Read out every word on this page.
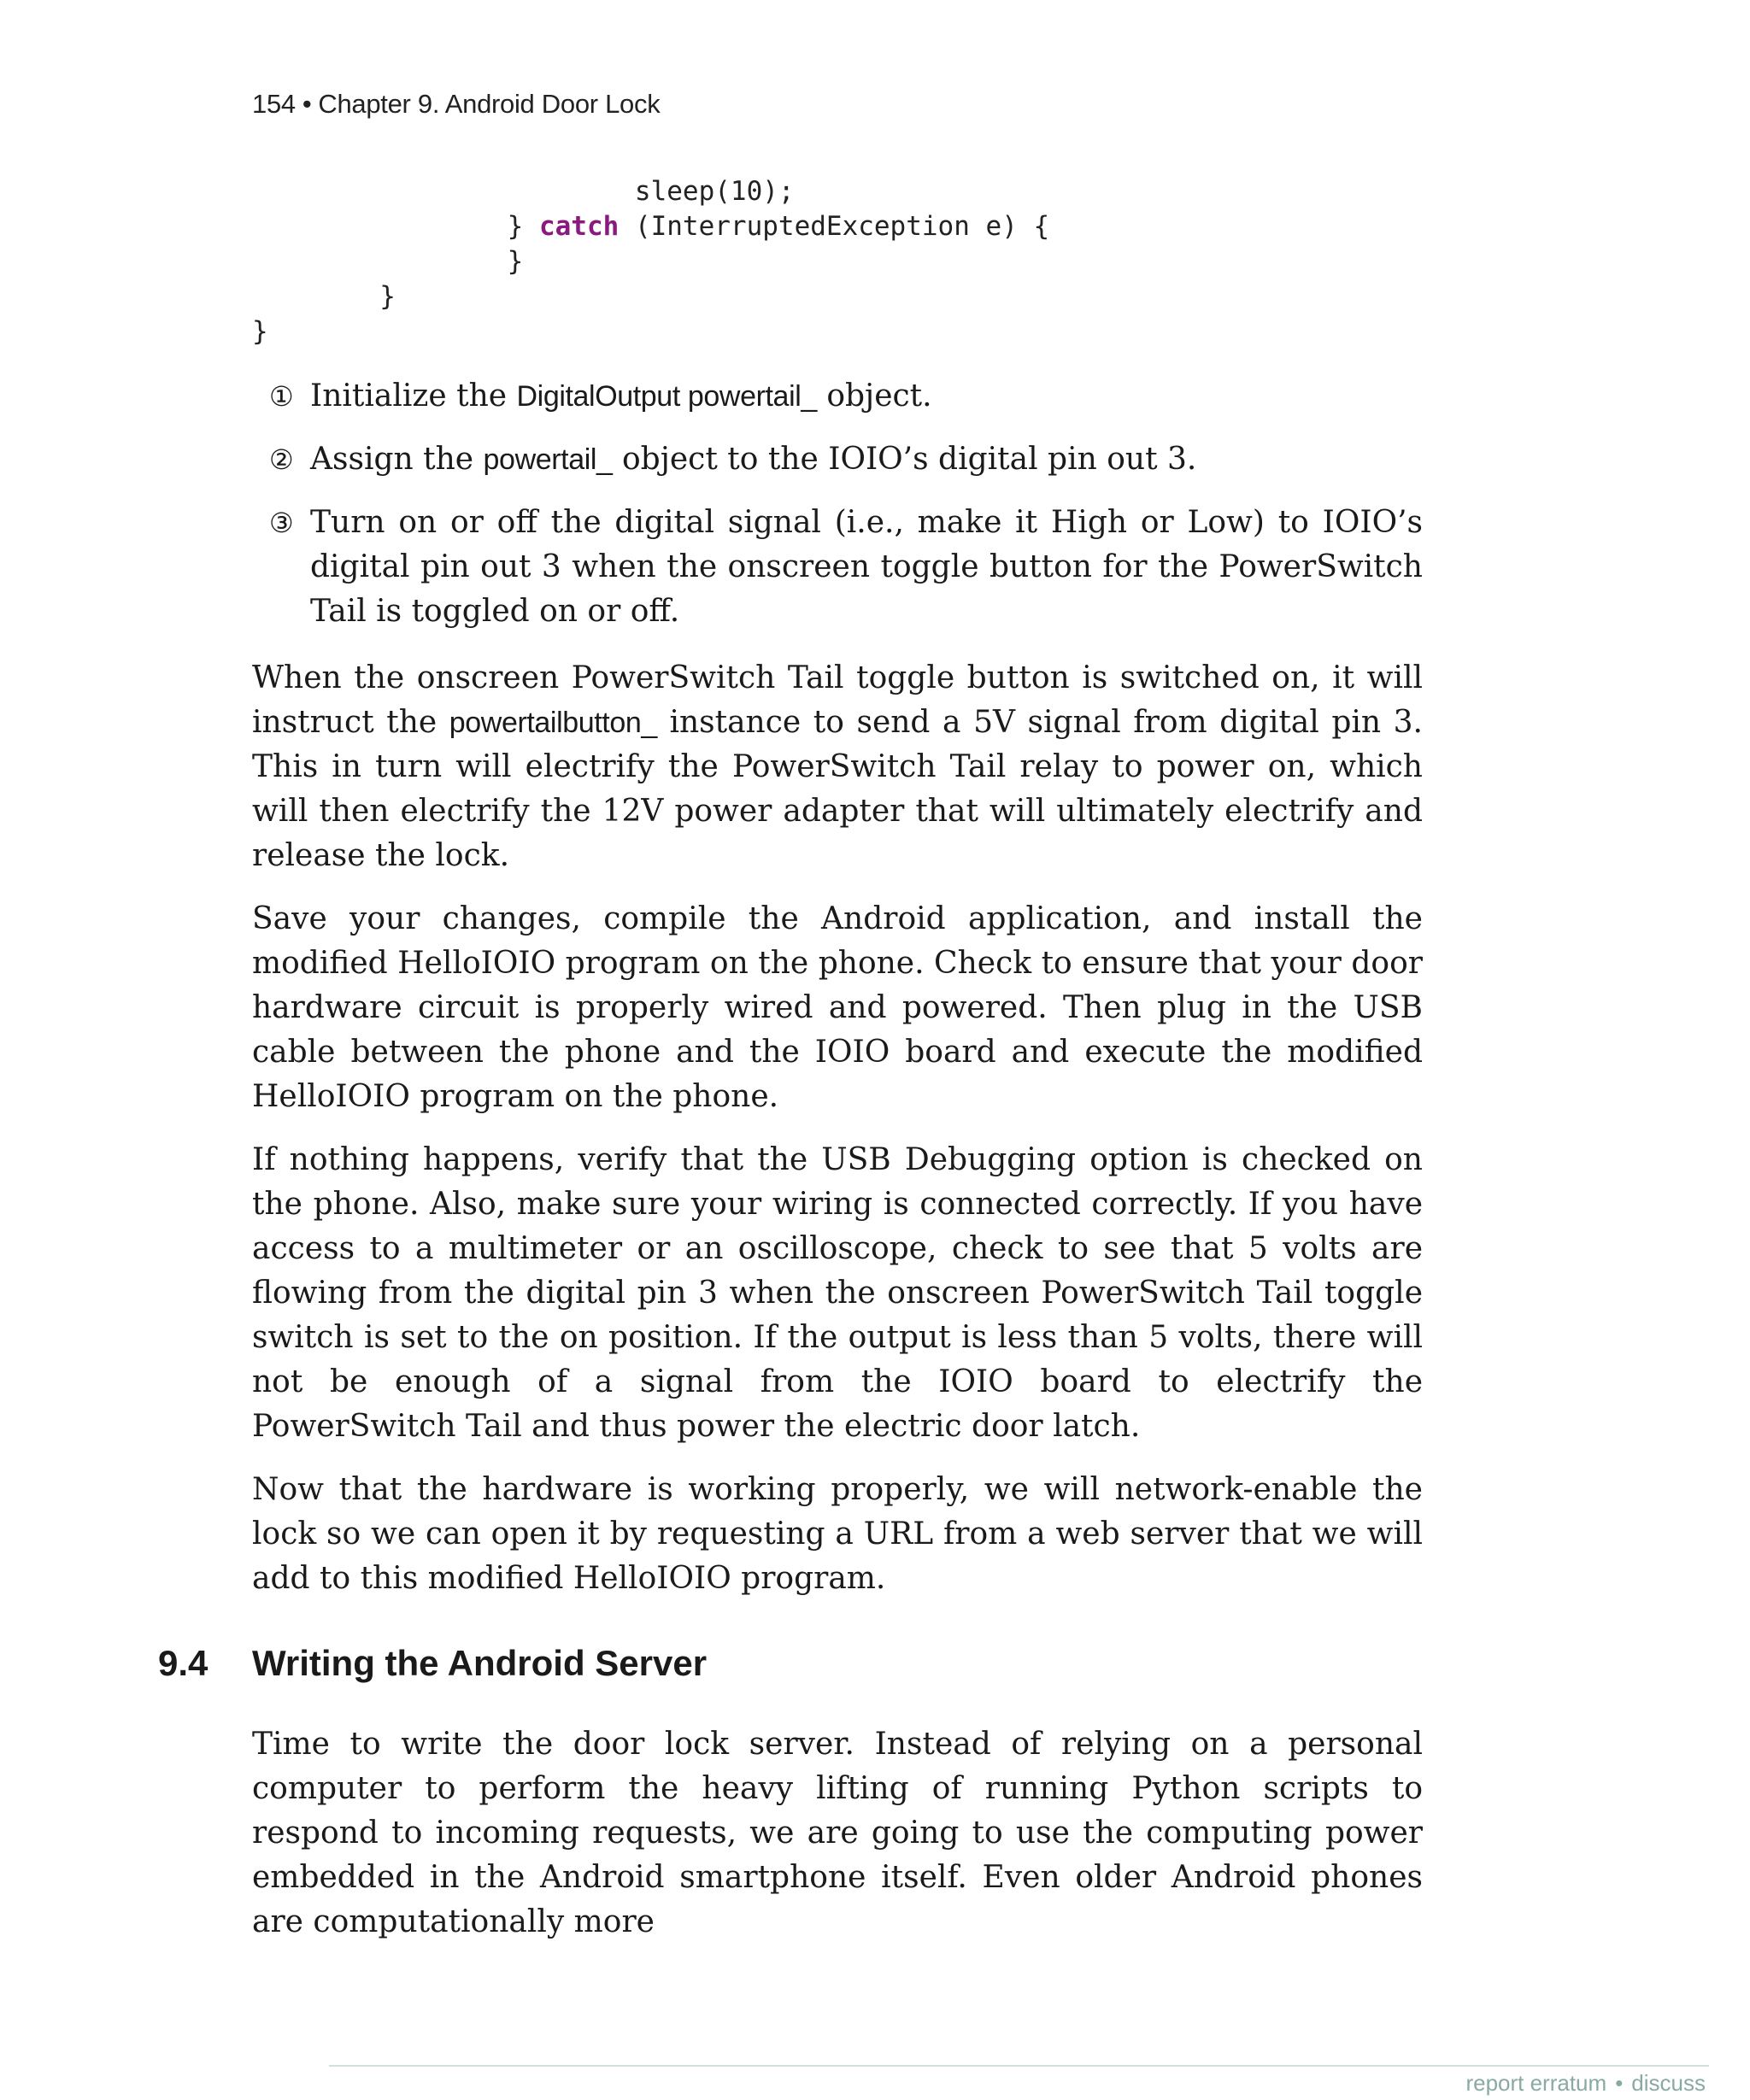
154 • Chapter 9. Android Door Lock
sleep(10);
} catch (InterruptedException e) {
}
}
}
① Initialize the DigitalOutput powertail_ object.
② Assign the powertail_ object to the IOIO’s digital pin out 3.
③ Turn on or off the digital signal (i.e., make it High or Low) to IOIO’s digital pin out 3 when the onscreen toggle button for the PowerSwitch Tail is toggled on or off.

When the onscreen PowerSwitch Tail toggle button is switched on, it will instruct the powertailbutton_ instance to send a 5V signal from digital pin 3. This in turn will electrify the PowerSwitch Tail relay to power on, which will then electrify the 12V power adapter that will ultimately electrify and release the lock.

Save your changes, compile the Android application, and install the modified HelloIOIO program on the phone. Check to ensure that your door hardware circuit is properly wired and powered. Then plug in the USB cable between the phone and the IOIO board and execute the modified HelloIOIO program on the phone.

If nothing happens, verify that the USB Debugging option is checked on the phone. Also, make sure your wiring is connected correctly. If you have access to a multimeter or an oscilloscope, check to see that 5 volts are flowing from the digital pin 3 when the onscreen PowerSwitch Tail toggle switch is set to the on position. If the output is less than 5 volts, there will not be enough of a signal from the IOIO board to electrify the PowerSwitch Tail and thus power the electric door latch.

Now that the hardware is working properly, we will network-enable the lock so we can open it by requesting a URL from a web server that we will add to this modified HelloIOIO program.

9.4 Writing the Android Server

Time to write the door lock server. Instead of relying on a personal computer to perform the heavy lifting of running Python scripts to respond to incoming requests, we are going to use the computing power embedded in the Android smartphone itself. Even older Android phones are computationally more

report erratum • discuss
